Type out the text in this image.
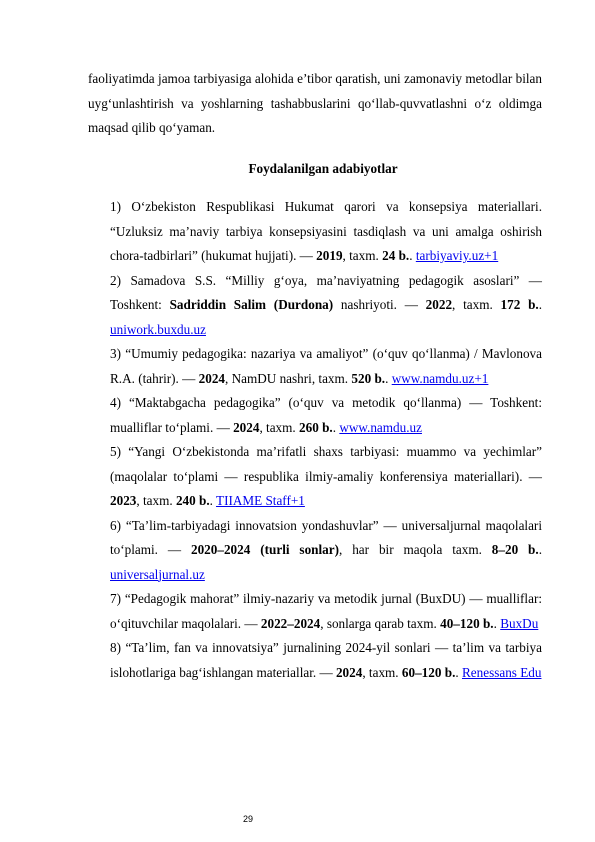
faoliyatimda jamoa tarbiyasiga alohida e’tibor qaratish, uni zamonaviy metodlar bilan uyg‘unlashtirish va yoshlarning tashabbuslarini qo‘llab-quvvatlashni o‘z oldimga maqsad qilib qo‘yaman.

Foydalanilgan adabiyotlar
1) O‘zbekiston Respublikasi Hukumat qarori va konsepsiya materiallari. “Uzluksiz ma’naviy tarbiya konsepsiyasini tasdiqlash va uni amalga oshirish chora-tadbirlari” (hukumat hujjati). — 2019, taxm. 24 b.. tarbiyaviy.uz+1
2) Samadova S.S. “Milliy g‘oya, ma’naviyatning pedagogik asoslari” — Toshkent: Sadriddin Salim (Durdona) nashriyoti. — 2022, taxm. 172 b.. uniwork.buxdu.uz
3) “Umumiy pedagogika: nazariya va amaliyot” (o‘quv qo‘llanma) / Mavlonova R.A. (tahrir). — 2024, NamDU nashri, taxm. 520 b.. www.namdu.uz+1
4) “Maktabgacha pedagogika” (o‘quv va metodik qo‘llanma) — Toshkent: mualliflar to‘plami. — 2024, taxm. 260 b.. www.namdu.uz
5) “Yangi O‘zbekistonda ma’rifatli shaxs tarbiyasi: muammo va yechimlar” (maqolalar to‘plami — respublika ilmiy-amaliy konferensiya materiallari). — 2023, taxm. 240 b.. TIIAME Staff+1
6) “Ta’lim-tarbiyadagi innovatsion yondashuvlar” — universaljurnal maqolalari to‘plami. — 2020–2024 (turli sonlar), har bir maqola taxm. 8–20 b.. universaljurnal.uz
7) “Pedagogik mahorat” ilmiy-nazariy va metodik jurnal (BuxDU) — mualliflar: o‘qituvchilar maqolalari. — 2022–2024, sonlarga qarab taxm. 40–120 b.. BuxDu
8) “Ta’lim, fan va innovatsiya” jurnalining 2024-yil sonlari — ta’lim va tarbiya islohotlariga bag‘ishlangan materiallar. — 2024, taxm. 60–120 b.. Renessans Edu
29
